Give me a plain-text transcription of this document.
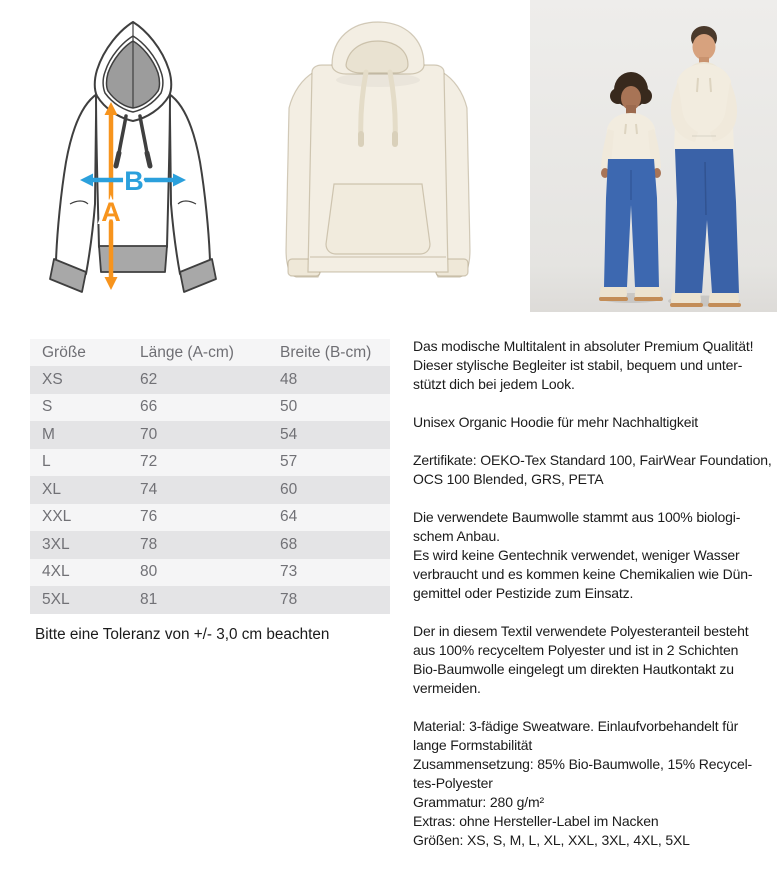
A
B
Größe	Länge (A-cm)	Breite (B-cm)
XS	62	48
S	66	50
M	70	54
L	72	57
XL	74	60
XXL	76	64
3XL	78	68
4XL	80	73
5XL	81	78
Bitte eine Toleranz von +/- 3,0 cm beachten
Das modische Multitalent in absoluter Premium Qualität!
Dieser stylische Begleiter ist stabil, bequem und unter-
stützt dich bei jedem Look.
Unisex Organic Hoodie für mehr Nachhaltigkeit
Zertifikate: OEKO-Tex Standard 100, FairWear Foundation,
OCS 100 Blended, GRS, PETA
Die verwendete Baumwolle stammt aus 100% biologi-
schem Anbau.
Es wird keine Gentechnik verwendet, weniger Wasser
verbraucht und es kommen keine Chemikalien wie Dün-
gemittel oder Pestizide zum Einsatz.
Der in diesem Textil verwendete Polyesteranteil besteht
aus 100% recyceltem Polyester und ist in 2 Schichten
Bio-Baumwolle eingelegt um direkten Hautkontakt zu
vermeiden.
Material: 3-fädige Sweatware. Einlaufvorbehandelt für
lange Formstabilität
Zusammensetzung: 85% Bio-Baumwolle, 15% Recycel-
tes-Polyester
Grammatur: 280 g/m²
Extras: ohne Hersteller-Label im Nacken
Größen: XS, S, M, L, XL, XXL, 3XL, 4XL, 5XL
